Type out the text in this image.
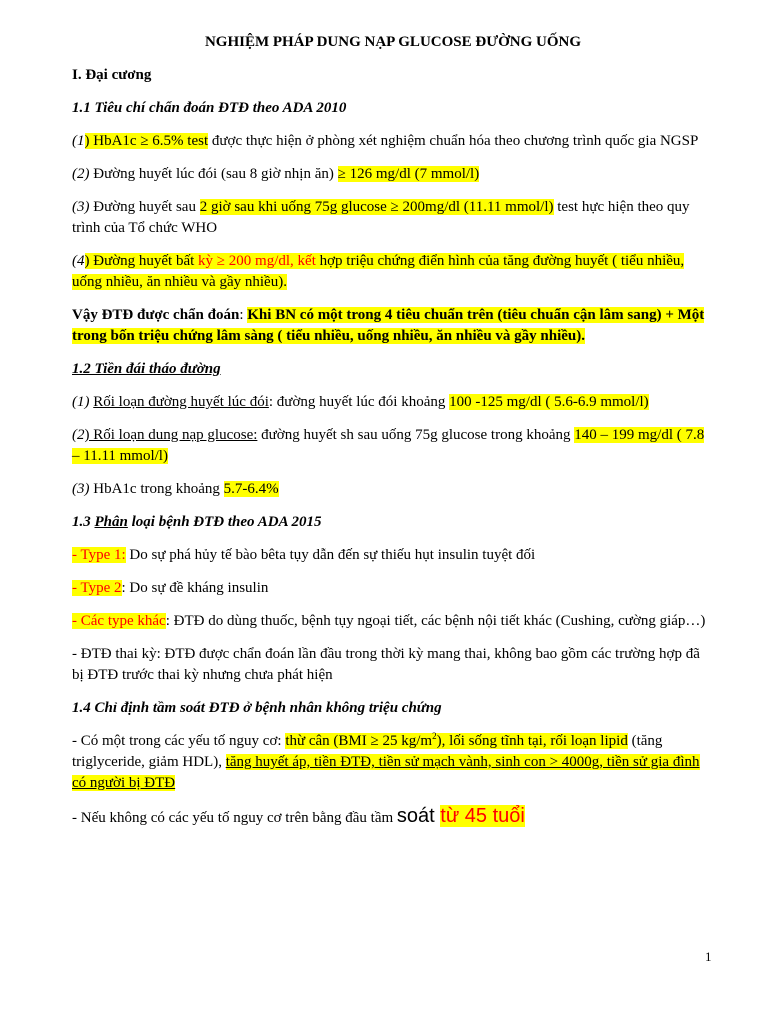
NGHIỆM PHÁP DUNG NẠP GLUCOSE ĐƯỜNG UỐNG

I. Đại cương

1.1 Tiêu chí chẩn đoán ĐTĐ theo ADA 2010

(1) HbA1c ≥ 6.5% test được thực hiện ở phòng xét nghiệm chuẩn hóa theo chương trình quốc gia NGSP

(2) Đường huyết lúc đói (sau 8 giờ nhịn ăn) ≥ 126 mg/dl (7 mmol/l)

(3) Đường huyết sau 2 giờ sau khi uống 75g glucose ≥ 200mg/dl (11.11 mmol/l) test hực hiện theo quy trình của Tổ chức WHO

(4) Đường huyết bất kỳ ≥ 200 mg/dl, kết hợp triệu chứng điển hình của tăng đường huyết ( tiểu nhiều, uống nhiều, ăn nhiều và gầy nhiều).

Vậy ĐTĐ được chẩn đoán: Khi BN có một trong 4 tiêu chuẩn trên (tiêu chuẩn cận lâm sang) + Một trong bốn triệu chứng lâm sàng ( tiểu nhiều, uống nhiều, ăn nhiều và gầy nhiều).

1.2 Tiền đái tháo đường

(1) Rối loạn đường huyết lúc đói: đường huyết lúc đói khoảng 100 -125 mg/dl ( 5.6-6.9 mmol/l)

(2) Rối loạn dung nạp glucose: đường huyết sh sau uống 75g glucose trong khoảng 140 – 199 mg/dl ( 7.8 – 11.11 mmol/l)

(3) HbA1c trong khoảng 5.7-6.4%

1.3 Phân loại bệnh ĐTĐ theo ADA 2015

- Type 1: Do sự phá hủy tế bào bêta tụy dẫn đến sự thiếu hụt insulin tuyệt đối

- Type 2: Do sự đề kháng insulin

- Các type khác: ĐTĐ do dùng thuốc, bệnh tụy ngoại tiết, các bệnh nội tiết khác (Cushing, cường giáp…)

- ĐTĐ thai kỳ: ĐTĐ được chẩn đoán lần đầu trong thời kỳ mang thai, không bao gồm các trường hợp đã bị ĐTĐ trước thai kỳ nhưng chưa phát hiện

1.4 Chỉ định tầm soát ĐTĐ ở bệnh nhân không triệu chứng

- Có một trong các yếu tố nguy cơ: thừ cân (BMI ≥ 25 $kg/m^2$), lối sống tĩnh tại, rối loạn lipid (tăng triglyceride, giảm HDL), tăng huyết áp, tiền ĐTĐ, tiền sử mạch vành, sinh con > 4000g, tiền sử gia đình có người bị ĐTĐ

- Nếu không có các yếu tố nguy cơ trên bằng đầu tầm soát từ 45 tuổi

1
